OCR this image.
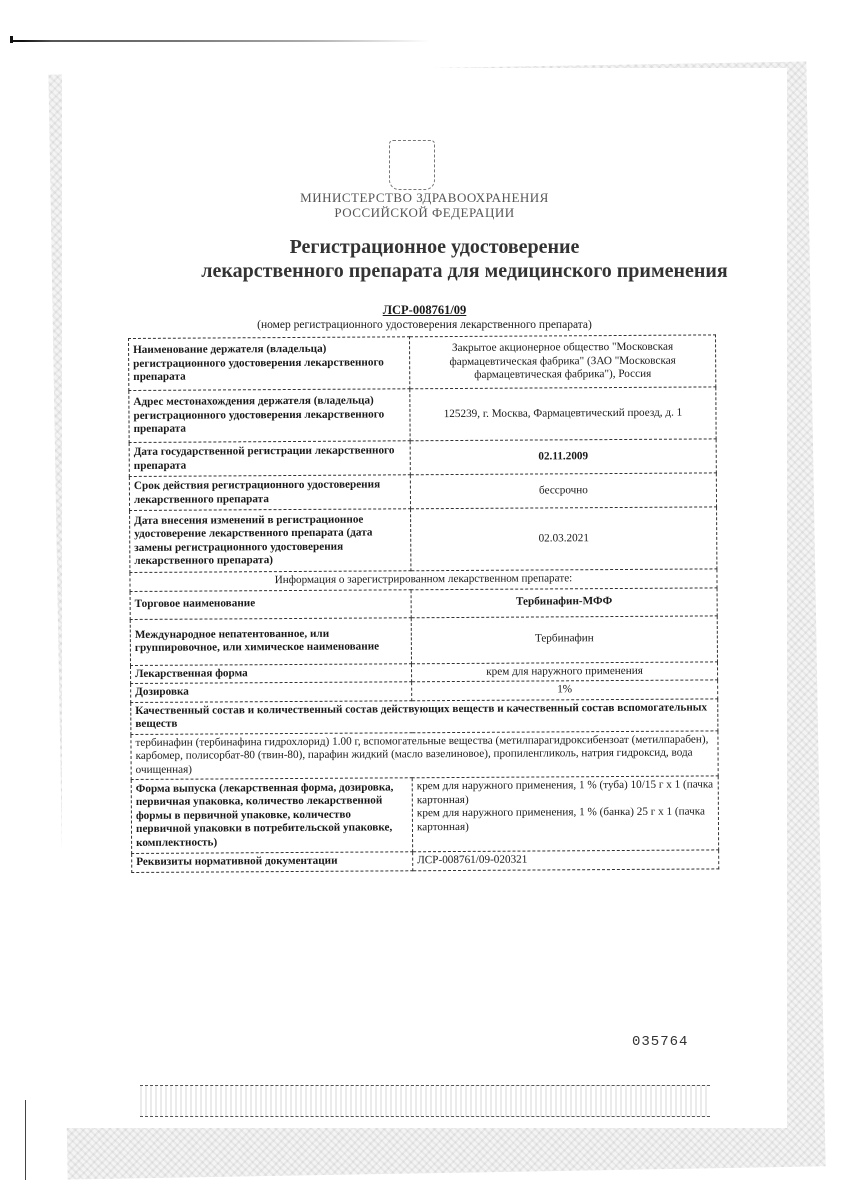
МИНИСТЕРСТВО ЗДРАВООХРАНЕНИЯ
РОССИЙСКОЙ ФЕДЕРАЦИИ
Регистрационное удостоверение
лекарственного препарата для медицинского применения
ЛСР-008761/09
(номер регистрационного удостоверения лекарственного препарата)
Наименование держателя (владельца) регистрационного удостоверения лекарственного препарата	Закрытое акционерное общество "Московская фармацевтическая фабрика" (ЗАО "Московская фармацевтическая фабрика"), Россия
Адрес местонахождения держателя (владельца) регистрационного удостоверения лекарственного препарата	125239, г. Москва, Фармацевтический проезд, д. 1
Дата государственной регистрации лекарственного препарата	02.11.2009
Срок действия регистрационного удостоверения лекарственного препарата	бессрочно
Дата внесения изменений в регистрационное удостоверение лекарственного препарата (дата замены регистрационного удостоверения лекарственного препарата)	02.03.2021
Информация о зарегистрированном лекарственном препарате:	
Торговое наименование	Тербинафин-МФФ
Международное непатентованное, или группировочное, или химическое наименование	Тербинафин
Лекарственная форма	крем для наружного применения
Дозировка	1%
Качественный состав и количественный состав действующих веществ и качественный состав вспомогательных веществ	
тербинафин (тербинафина гидрохлорид) 1.00 г, вспомогательные вещества (метилпарагидроксибензоат (метилпарабен), карбомер, полисорбат-80 (твин-80), парафин жидкий (масло вазелиновое), пропиленгликоль, натрия гидроксид, вода очищенная)	
Форма выпуска (лекарственная форма, дозировка, первичная упаковка, количество лекарственной формы в первичной упаковке, количество первичной упаковки в потребительской упаковке, комплектность)	крем для наружного применения, 1 % (туба) 10/15 г х 1 (пачка картонная)
крем для наружного применения, 1 % (банка) 25 г х 1 (пачка картонная)

Реквизиты нормативной документации	ЛСР-008761/09-020321
035764
